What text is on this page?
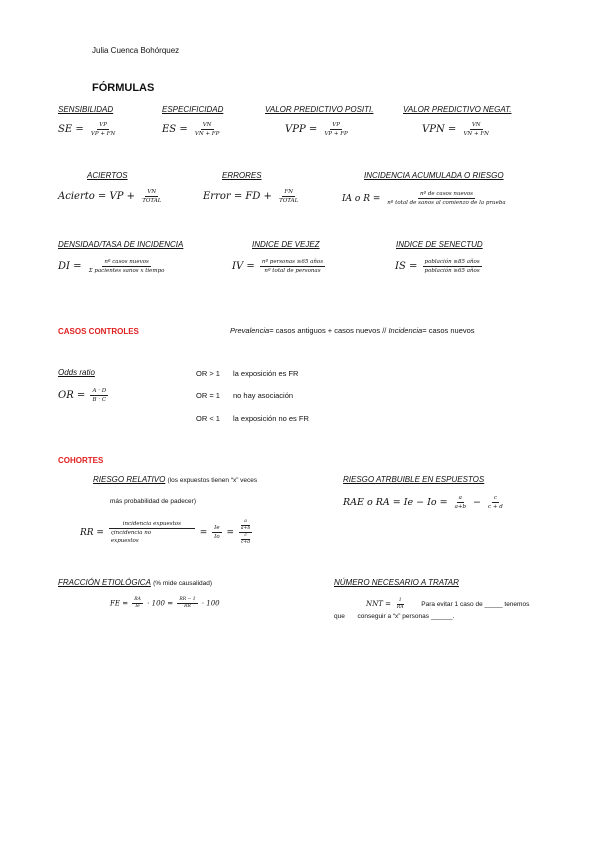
Julia Cuenca Bohórquez
FÓRMULAS
SENSIBILIDAD	ESPECIFICIDAD	VALOR PREDICTIVO POSITI.	VALOR PREDICTIVO NEGAT.
SE = $\frac{VP}{VP + FN}$	ES = $\frac{VN}{VN + FP}$	VPP = $\frac{VP}{VP + FP}$	VPN = $\frac{VN}{VN + FN}$
ACIERTOS	ERRORES	INCIDENCIA ACUMULADA O RIESGO
Acierto = VP + $\frac{VN}{\text{TOTAL}}$	Error = FD + $\frac{FN}{\text{TOTAL}}$	IA o $R = \frac{\text{nº de casos nuevos}}{\text{nº total de sanos al comienzo de la prueba}}$
DENSIDAD/TASA DE INCIDENCIA	INDICE DE VEJEZ	INDICE DE SENECTUD
DI = $\frac{\text{nº casos nuevos}}{\text{Σ pacientes sanos x tiempo}}$	IV = $\frac{\text{nº personas ≥65 años}}{\text{nº total de personas}}$	IS = $\frac{\text{población ≥85 años}}{\text{población ≥65 años}}$
CASOS CONTROLES	Prevalencia= casos antiguos + casos nuevos // Incidencia= casos nuevos
Odds ratio
OR = $\frac{A \cdot D}{B \cdot C}$
OR > 1 la exposición es FR
OR = 1 no hay asociación
OR < 1 la exposición no es FR
COHORTES
RIESGO RELATIVO (los expuestos tienen “x” veces
más probabilidad de padecer)
RR = incidencia expuestos
ςincidencia no
expuestos = $\frac{Ie}{Io} = a$
a+b
c
c+d
RIESGO ATRBUIBLE EN ESPUESTOS
RAE o RA = $Ie - Io = \frac{a}{a+b} - \frac{c}{c + d}$
FRACCIÓN ETIOLÓGICA (% mide causalidad)
FE = $\frac{RA}{Ie} \cdot 100 = \frac{RR - 1}{RR} \cdot 100$
NÚMERO NECESARIO A TRATAR
NNT = $\frac{1}{RA}$ Para evitar 1 caso de _____ tenemos
que       conseguir a “x” personas ______.
